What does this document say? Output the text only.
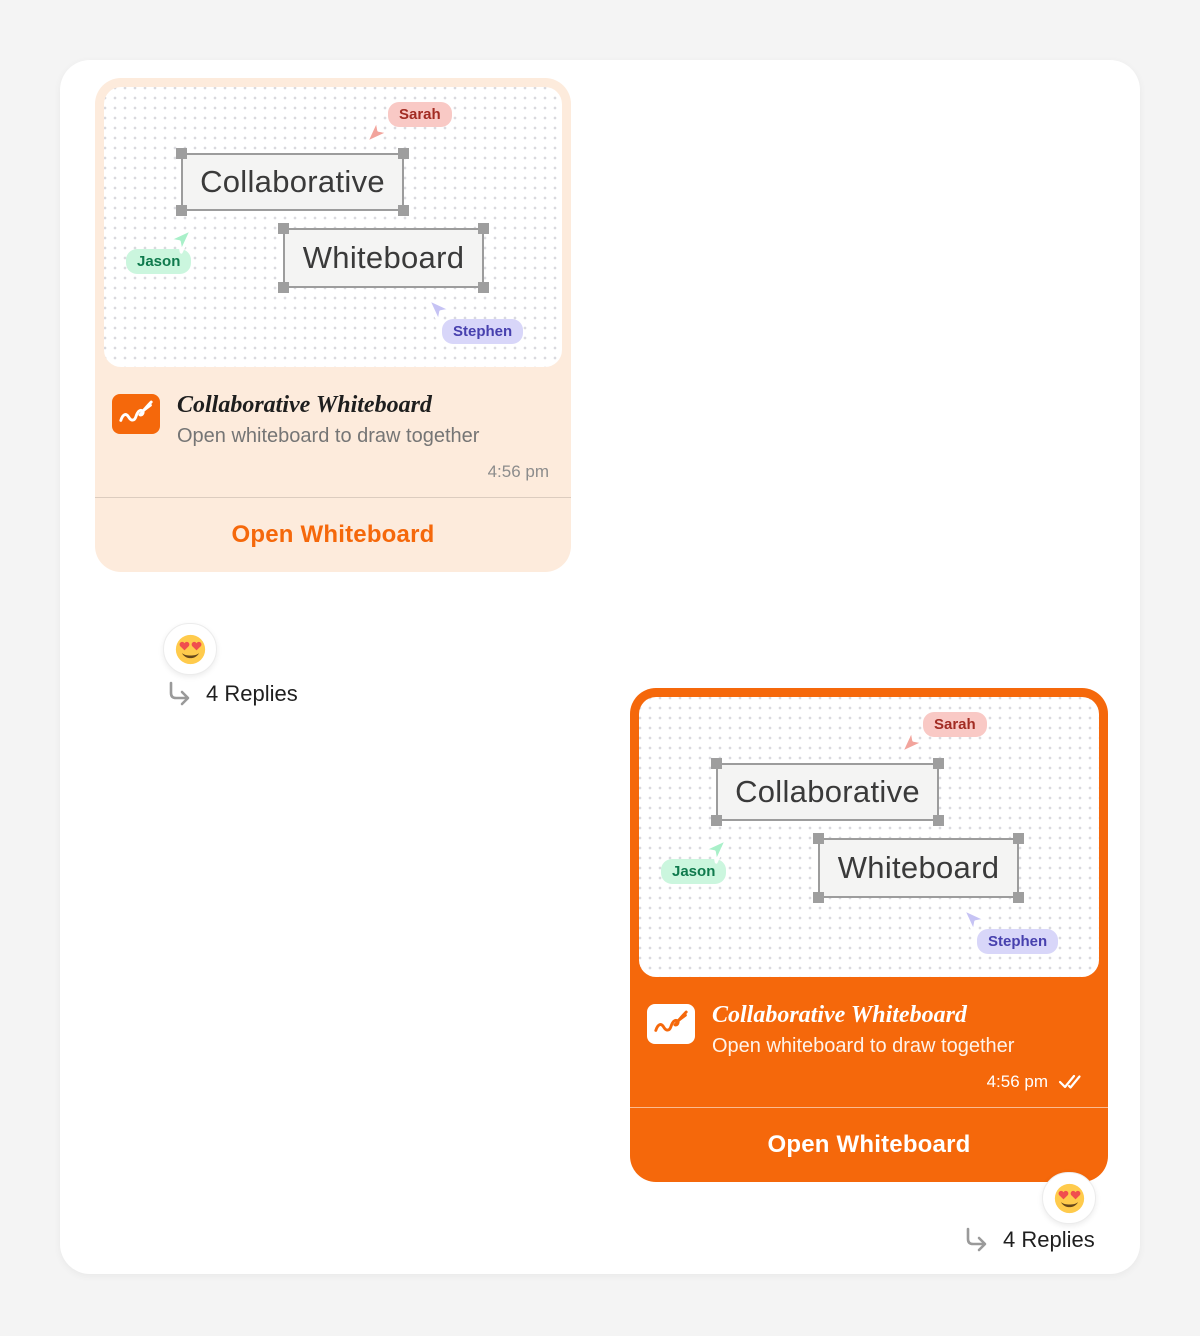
Collaborative
Whiteboard
Sarah
Jason
Stephen
Collaborative Whiteboard
Open whiteboard to draw together
4:56 pm
Open Whiteboard
4 Replies
Collaborative
Whiteboard
Sarah
Jason
Stephen
Collaborative Whiteboard
Open whiteboard to draw together
4:56 pm
Open Whiteboard
4 Replies
